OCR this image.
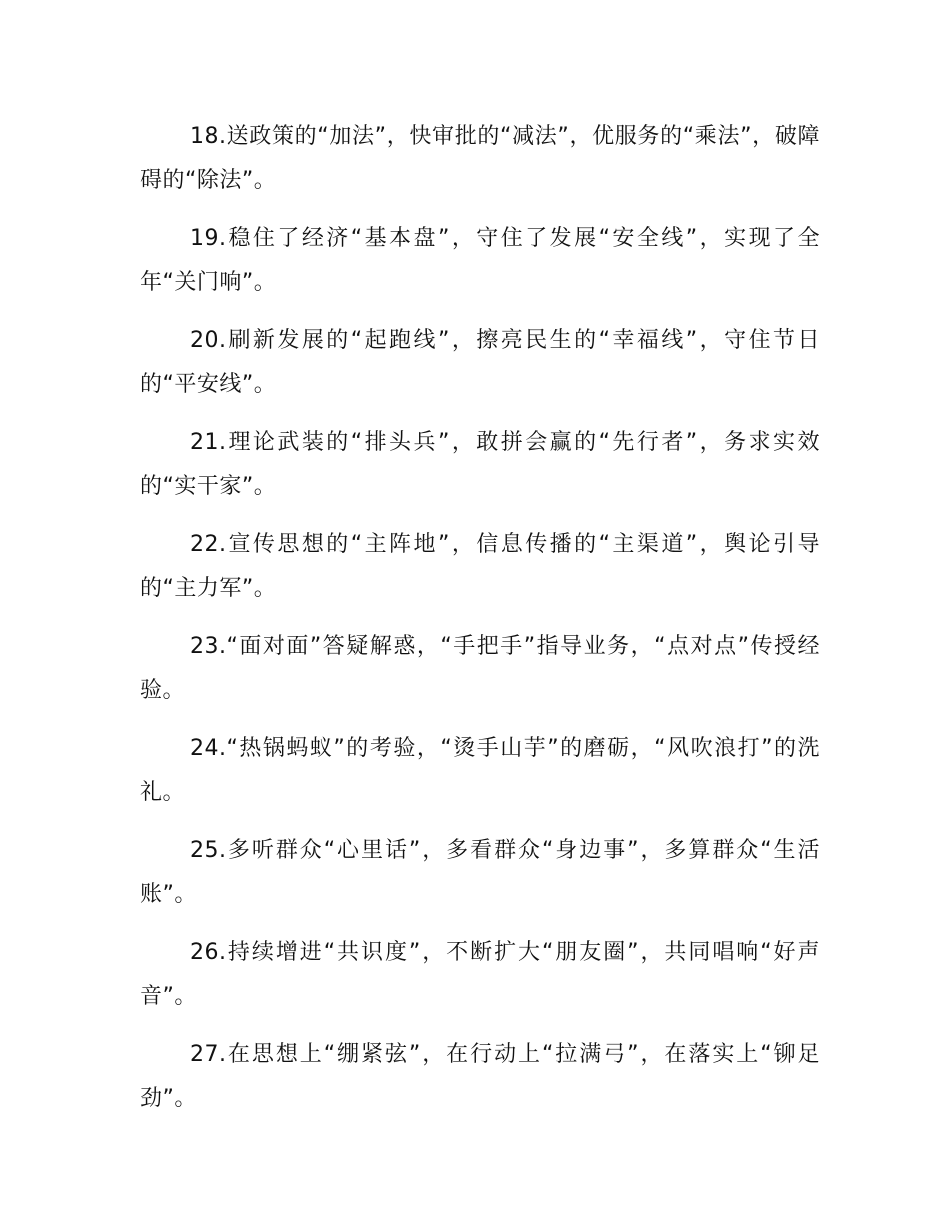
18.送政策的“加法”，快审批的“减法”，优服务的“乘法”，破障碍的“除法”。

19.稳住了经济“基本盘”，守住了发展“安全线”，实现了全年“关门响”。

20.刷新发展的“起跑线”，擦亮民生的“幸福线”，守住节日的“平安线”。

21.理论武装的“排头兵”，敢拼会赢的“先行者”，务求实效的“实干家”。

22.宣传思想的“主阵地”，信息传播的“主渠道”，舆论引导的“主力军”。

23.“面对面”答疑解惑，“手把手”指导业务，“点对点”传授经验。

24.“热锅蚂蚁”的考验，“烫手山芋”的磨砺，“风吹浪打”的洗礼。

25.多听群众“心里话”，多看群众“身边事”，多算群众“生活账”。

26.持续增进“共识度”，不断扩大“朋友圈”，共同唱响“好声音”。

27.在思想上“绷紧弦”，在行动上“拉满弓”，在落实上“铆足劲”。
